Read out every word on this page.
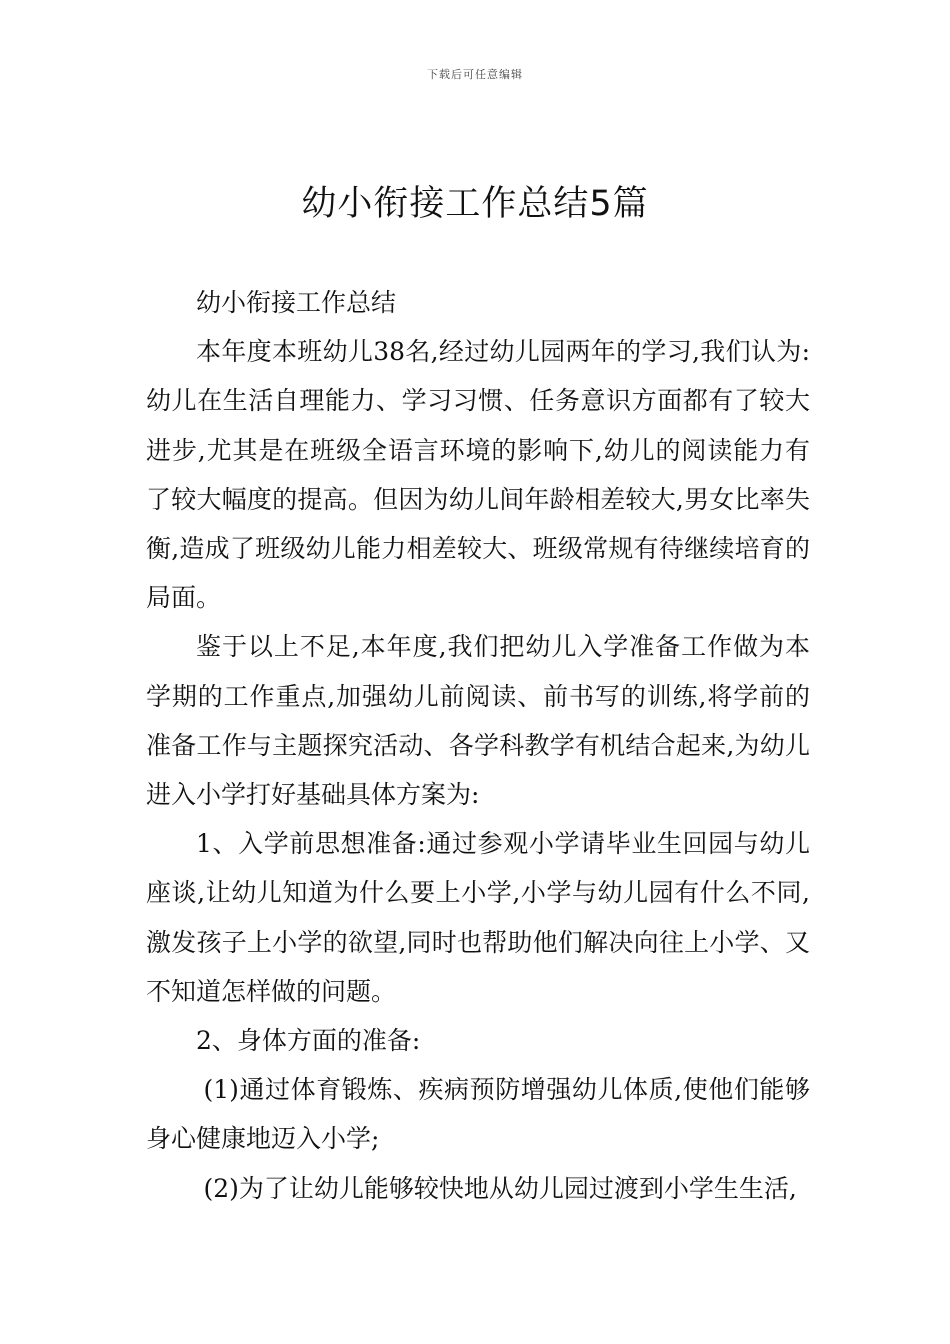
下载后可任意编辑
幼小衔接工作总结5篇

幼小衔接工作总结

本年度本班幼儿38名,经过幼儿园两年的学习,我们认为:幼儿在生活自理能力、学习习惯、任务意识方面都有了较大进步,尤其是在班级全语言环境的影响下,幼儿的阅读能力有了较大幅度的提高。但因为幼儿间年龄相差较大,男女比率失衡,造成了班级幼儿能力相差较大、班级常规有待继续培育的局面。

鉴于以上不足,本年度,我们把幼儿入学准备工作做为本学期的工作重点,加强幼儿前阅读、前书写的训练,将学前的准备工作与主题探究活动、各学科教学有机结合起来,为幼儿进入小学打好基础具体方案为:

1、入学前思想准备:通过参观小学请毕业生回园与幼儿座谈,让幼儿知道为什么要上小学,小学与幼儿园有什么不同,激发孩子上小学的欲望,同时也帮助他们解决向往上小学、又不知道怎样做的问题。

2、身体方面的准备:

(1)通过体育锻炼、疾病预防增强幼儿体质,使他们能够身心健康地迈入小学;

(2)为了让幼儿能够较快地从幼儿园过渡到小学生生活,
